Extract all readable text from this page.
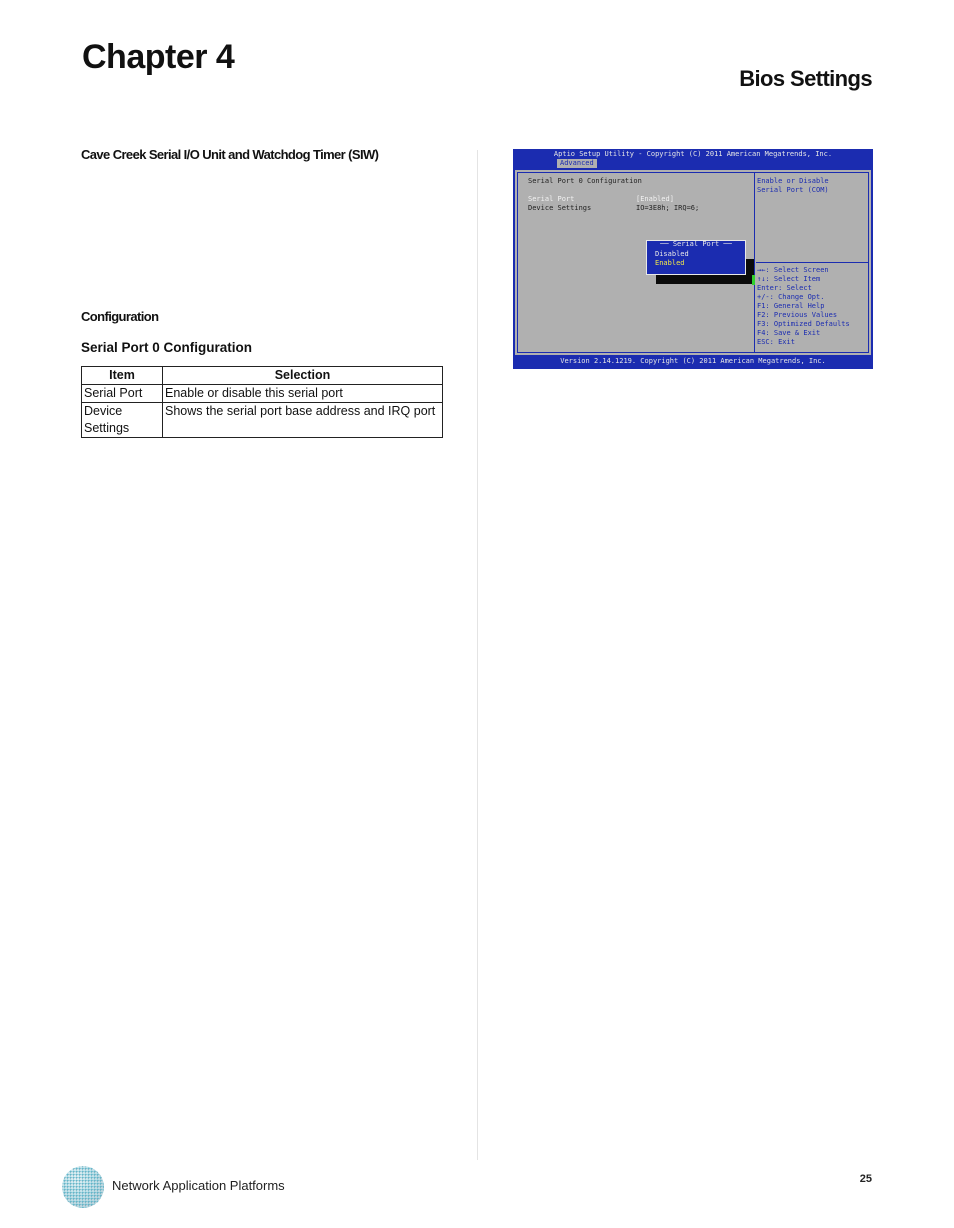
Chapter 4
Bios Settings
Cave Creek Serial I/O Unit and Watchdog Timer (SIW)
Configuration
Serial Port 0 Configuration
Item	Selection
Serial Port	Enable or disable this serial port
Device Settings	Shows the serial port base address and IRQ port
Aptio Setup Utility - Copyright (C) 2011 American Megatrends, Inc.
Advanced
Serial Port 0 Configuration
Serial Port	[Enabled]
Device Settings	IO=3E8h; IRQ=6;
Enable or Disable
Serial Port (COM)
→←: Select Screen
↑↓: Select Item
Enter: Select
+/-: Change Opt.
F1: General Help
F2: Previous Values
F3: Optimized Defaults
F4: Save & Exit
ESC: Exit
── Serial Port ──
Disabled
Enabled
Version 2.14.1219. Copyright (C) 2011 American Megatrends, Inc.
Network Application Platforms	25
